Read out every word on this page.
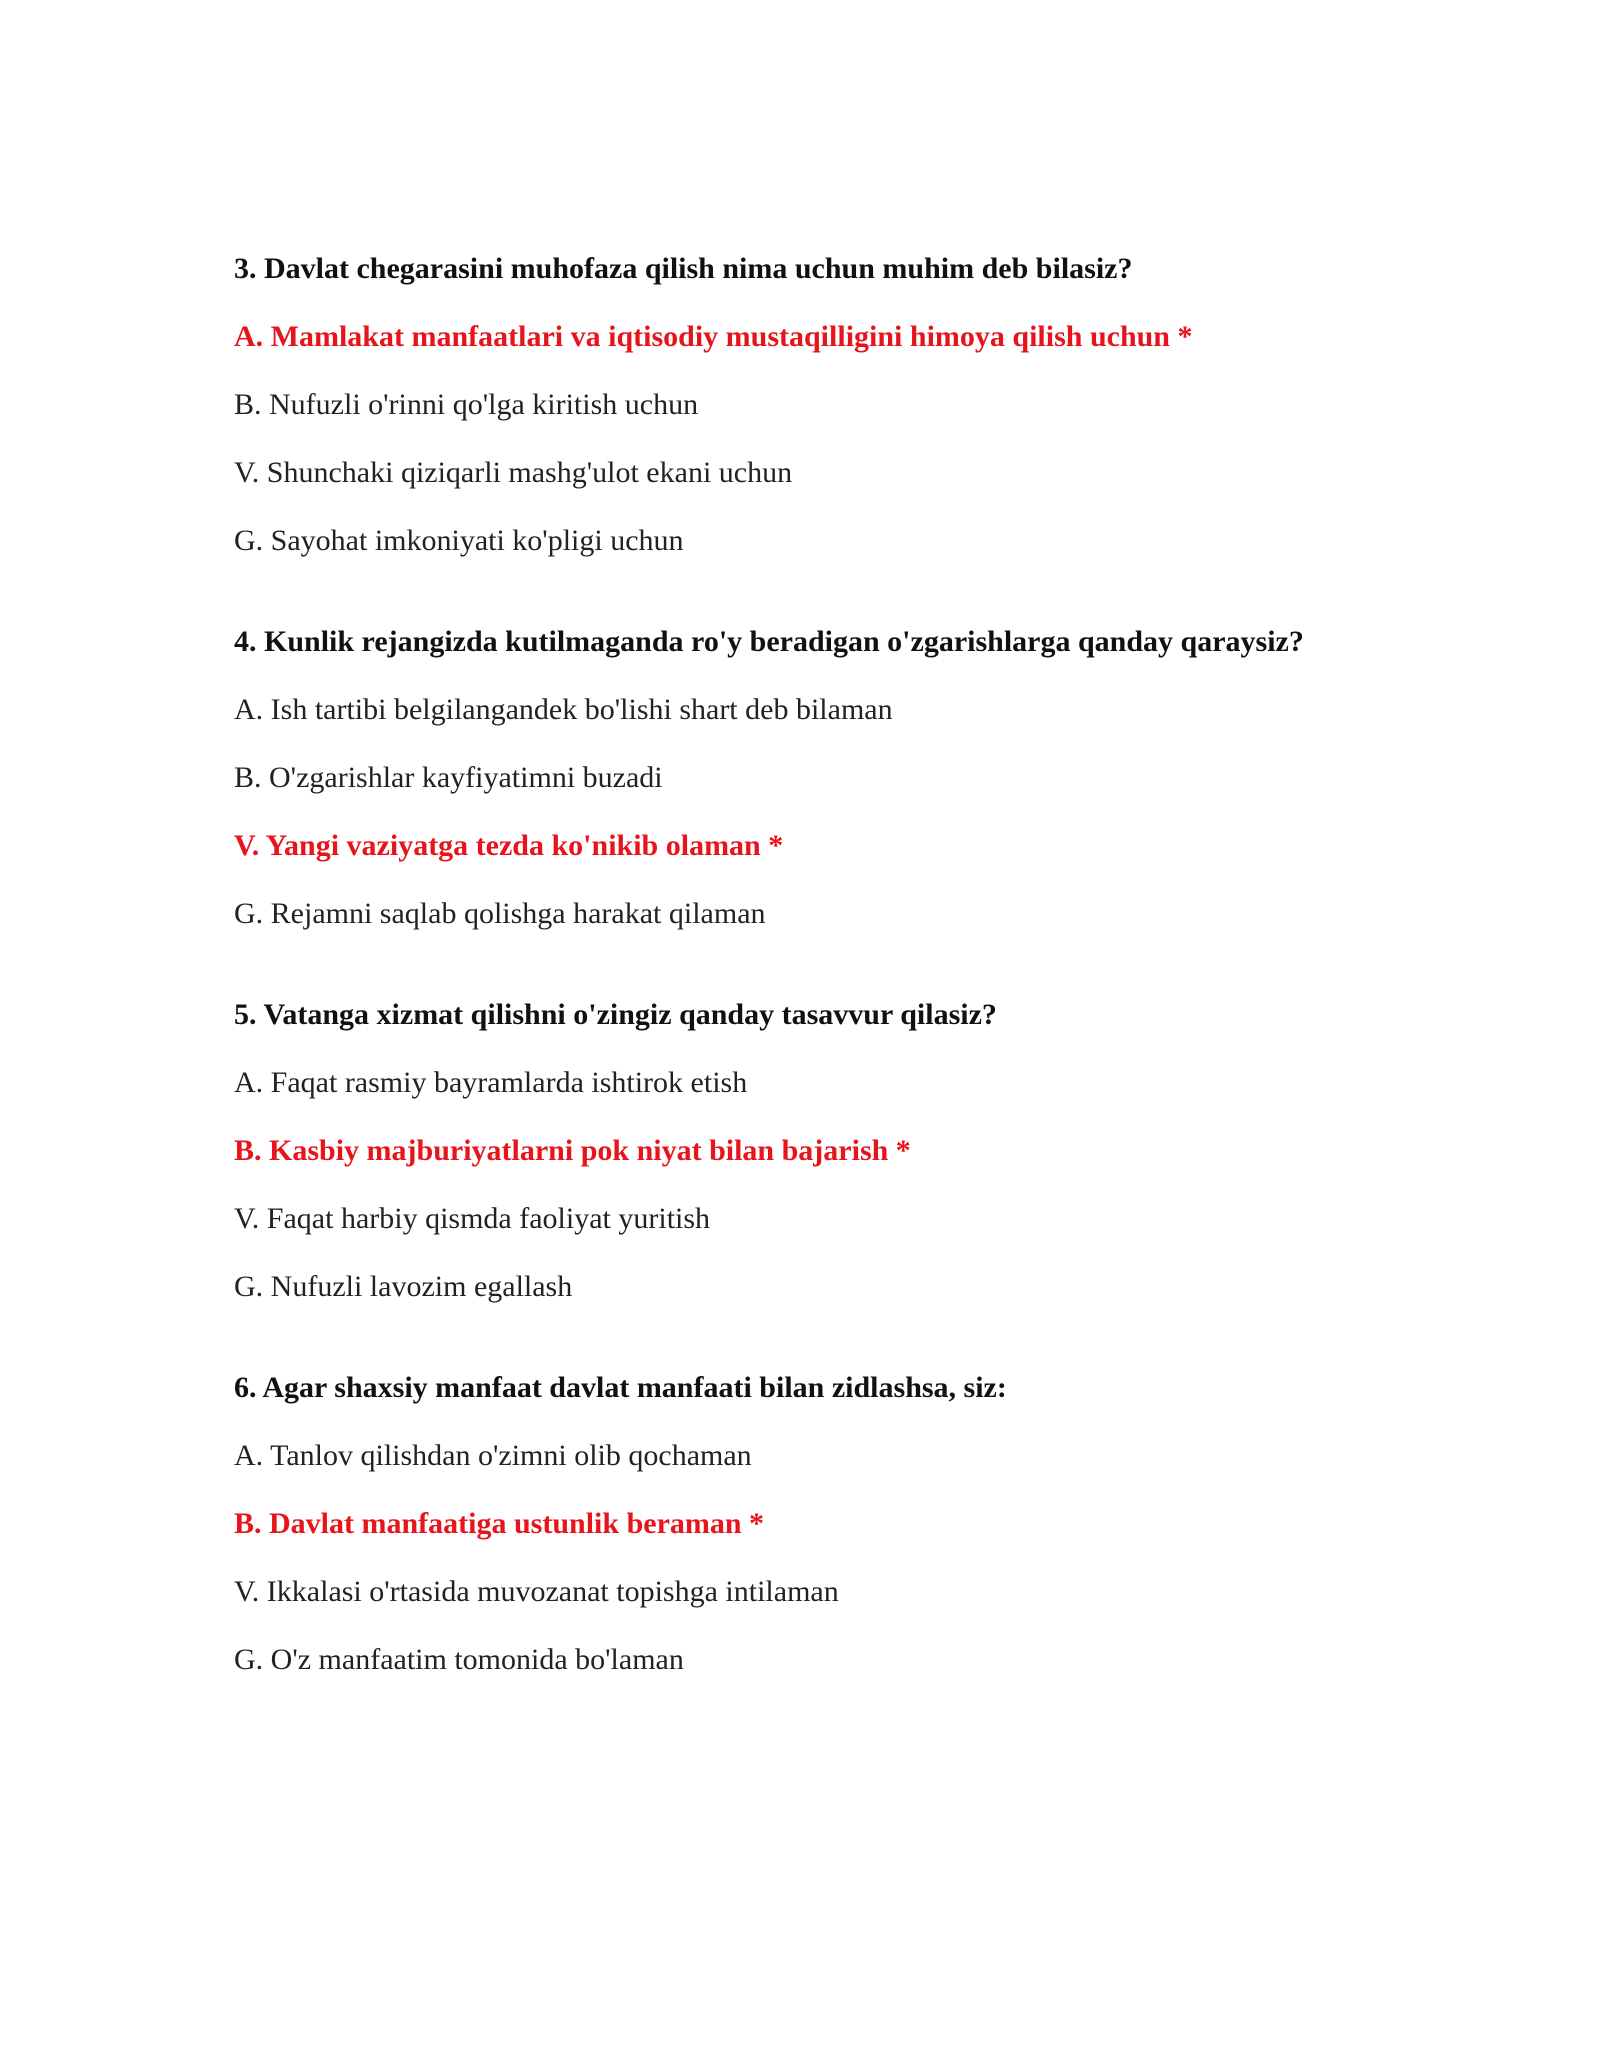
3. Davlat chegarasini muhofaza qilish nima uchun muhim deb bilasiz?
A. Mamlakat manfaatlari va iqtisodiy mustaqilligini himoya qilish uchun *
B. Nufuzli o'rinni qo'lga kiritish uchun
V. Shunchaki qiziqarli mashg'ulot ekani uchun
G. Sayohat imkoniyati ko'pligi uchun
4. Kunlik rejangizda kutilmaganda ro'y beradigan o'zgarishlarga qanday qaraysiz?
A. Ish tartibi belgilangandek bo'lishi shart deb bilaman
B. O'zgarishlar kayfiyatimni buzadi
V. Yangi vaziyatga tezda ko'nikib olaman *
G. Rejamni saqlab qolishga harakat qilaman
5. Vatanga xizmat qilishni o'zingiz qanday tasavvur qilasiz?
A. Faqat rasmiy bayramlarda ishtirok etish
B. Kasbiy majburiyatlarni pok niyat bilan bajarish *
V. Faqat harbiy qismda faoliyat yuritish
G. Nufuzli lavozim egallash
6. Agar shaxsiy manfaat davlat manfaati bilan zidlashsa, siz:
A. Tanlov qilishdan o'zimni olib qochaman
B. Davlat manfaatiga ustunlik beraman *
V. Ikkalasi o'rtasida muvozanat topishga intilaman
G. O'z manfaatim tomonida bo'laman
